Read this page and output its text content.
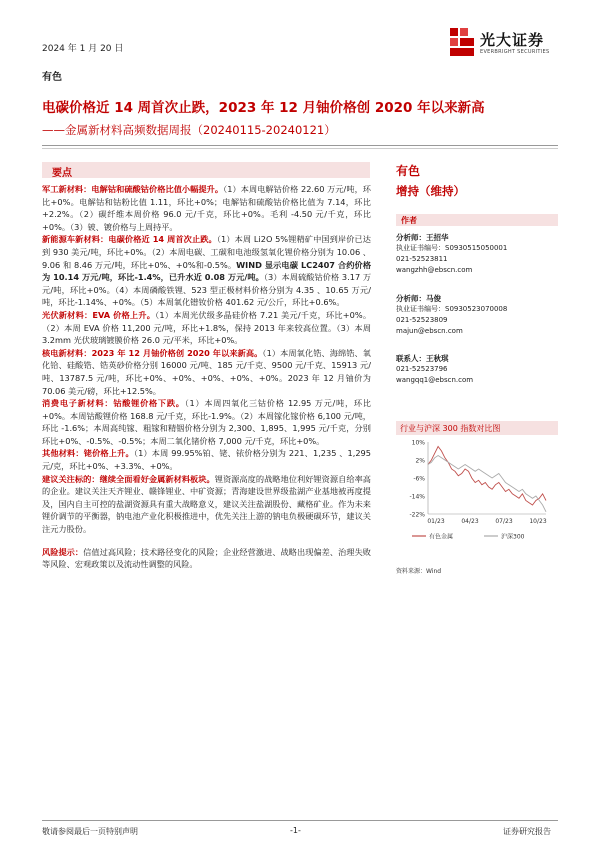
2024 年 1 月 20 日	光大证券
EVERBRIGHT SECURITIES
有色
电碳价格近 14 周首次止跌，2023 年 12 月铀价格创 2020 年以来新高
——金属新材料高频数据周报（20240115-20240121）
要点

军工新材料：电解钴和硫酸钴价格比值小幅提升。（1）本周电解钴价格 22.60 万元/吨，环比+0%。电解钴和钴粉比值 1.11，环比+0%；电解钴和硫酸钴价格比值为 7.14，环比+2.2%。（2）碳纤维本周价格 96.0 元/千克，环比+0%。毛利 -4.50 元/千克，环比+0%。（3）铍、镀价格与上周持平。

新能源车新材料：电碳价格近 14 周首次止跌。（1）本周 Li2O 5%锂精矿中国到岸价已达到 930 美元/吨，环比+0%。（2）本周电碳、工碳和电池级氢氧化锂价格分别为 10.06 、9.06 和 8.46 万元/吨，环比+0%、+0%和-0.5%。WIND 显示电碳 LC2407 合约价格为 10.14 万元/吨，环比-1.4%，已升水近 0.08 万元/吨。（3）本周硫酸钴价格 3.17 万元/吨，环比+0%。（4）本周磷酸铁锂、523 型正极材料价格分别为 4.35 、10.65 万元/吨，环比-1.14%、+0%。（5）本周氧化镨钕价格 401.62 元/公斤，环比+0.6%。

光伏新材料：EVA 价格上升。（1）本周光伏级多晶硅价格 7.21 美元/千克，环比+0%。（2）本周 EVA 价格 11,200 元/吨，环比+1.8%，保持 2013 年来较高位置。（3）本周 3.2mm 光伏玻璃镀膜价格 26.0 元/平米，环比+0%。

核电新材料：2023 年 12 月铀价格创 2020 年以来新高。（1）本周氧化锆、海绵锆、氧化铪、硅酸锆、锆英砂价格分别 16000 元/吨、185 元/千克、9500 元/千克、15913 元/吨、13787.5 元/吨，环比+0%、+0%、+0%、+0%、+0%。2023 年 12 月铀价为 70.06 美元/磅，环比+12.5%。

消费电子新材料：钴酸锂价格下跌。（1）本周四氧化三钴价格 12.95 万元/吨，环比+0%。本周钴酸锂价格 168.8 元/千克，环比-1.9%。（2）本周镓化镓价格 6,100 元/吨，环比 -1.6%；本周高纯镓、粗镓和精铟价格分别为 2,300、1,895、1,995 元/千克，分别环比+0%、-0.5%、-0.5%；本周二氧化锗价格 7,000 元/千克，环比+0%。

其他材料：铑价格上升。（1）本周 99.95%铂、铑、铱价格分别为 221、1,235 、1,295 元/克，环比+0%、+3.3%、+0%。

建议关注标的：继续全面看好金属新材料板块。锂资源高度的战略地位利好锂资源自给率高的企业。建议关注天齐锂业、赣锋锂业、中矿资源；青海建设世界级盐湖产业基地被再度提及，国内自主可控的盐湖资源具有重大战略意义，建议关注盐湖股份、藏格矿业。作为未来锂价调节的平衡器，钠电池产业化积极推进中，优先关注上游的钠电负极硬碳环节，建议关注元力股份。

风险提示：信值过高风险；技术路径变化的风险；企业经营激进、战略出现偏差、治理失败等风险、宏观政策以及流动性调整的风险。

有色
增持（维持）
作者
分析师：王招华
执业证书编号：S0930515050001
021-52523811
wangzhh@ebscn.com
分析师：马俊
执业证书编号：S0930523070008
021-52523809
majun@ebscn.com
联系人：王秋琪
021-52523796
wangqq1@ebscn.com
行业与沪深 300 指数对比图
10%
2%
-6%
-14%
-22%
01/23	04/23	07/23	10/23
有色金属	沪深300
资料来源：Wind
敬请参阅最后一页特别声明	-1-	证券研究报告
